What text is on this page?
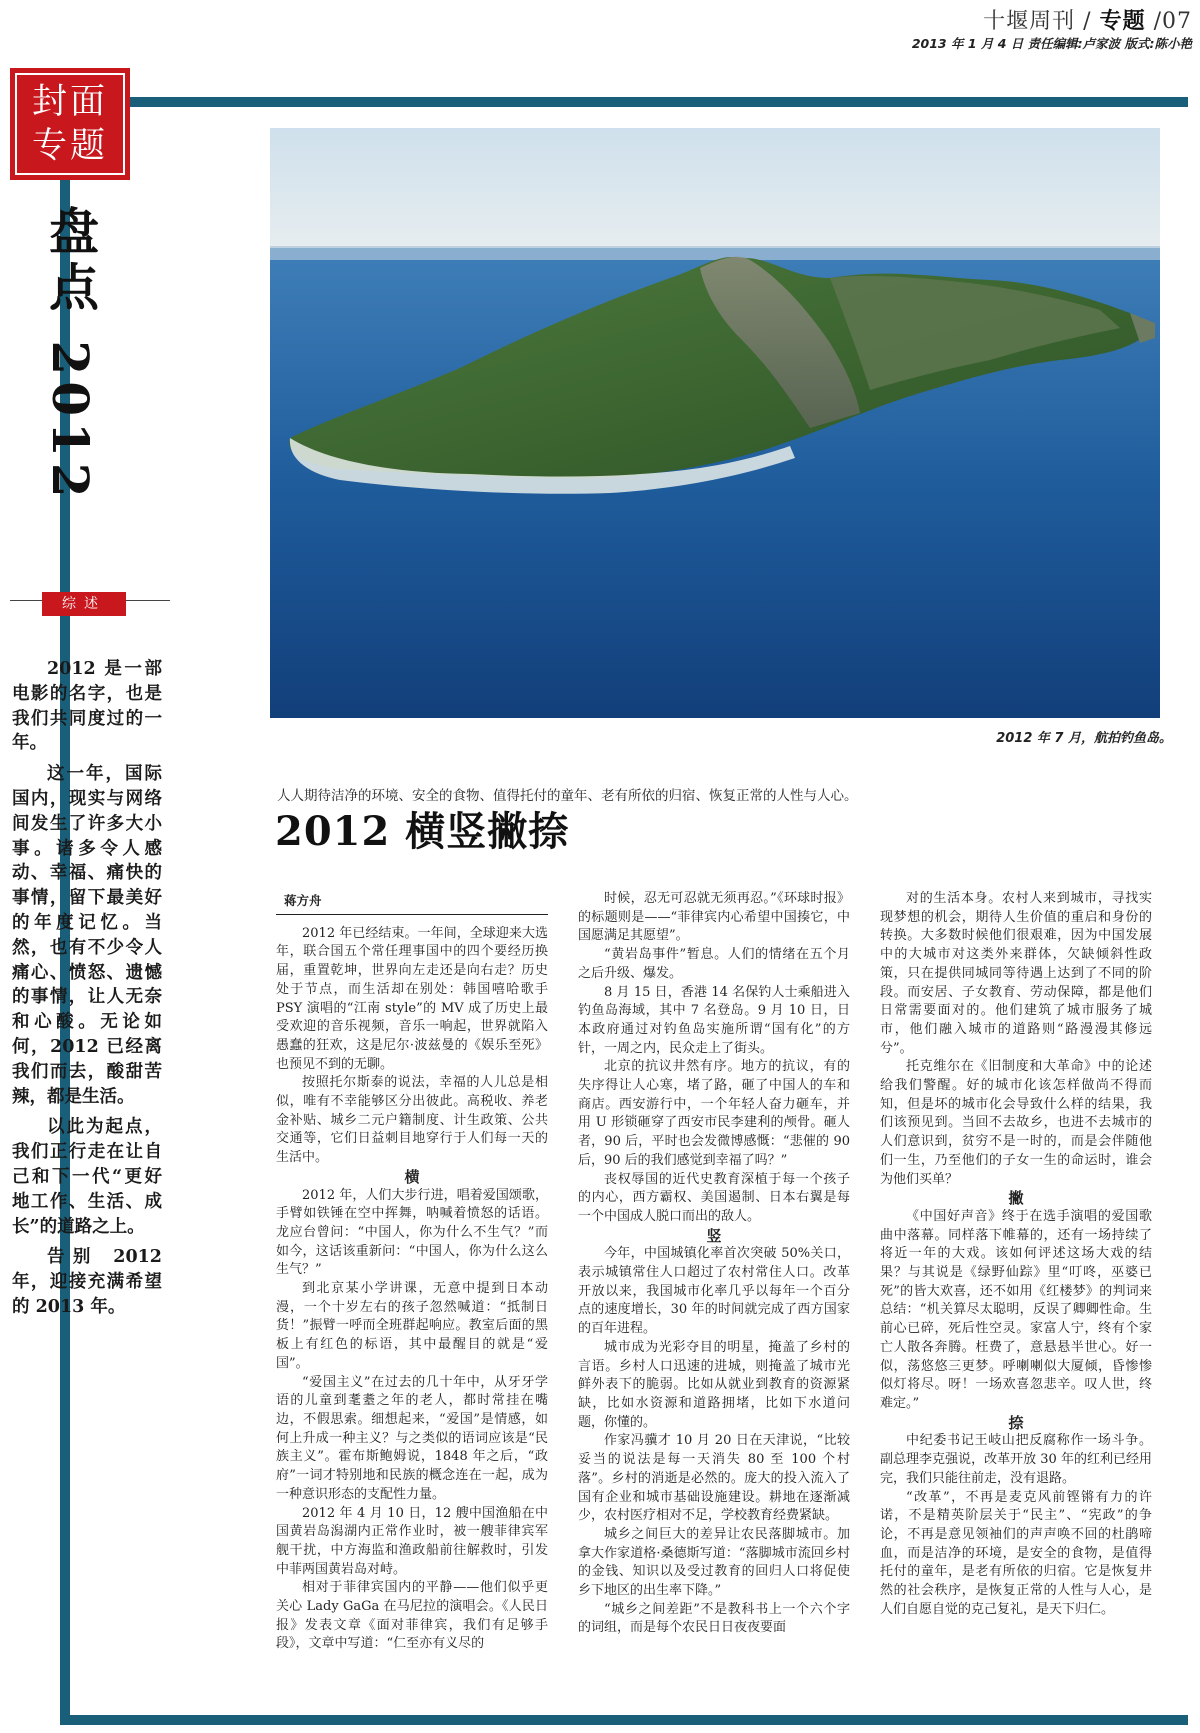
十堰周刊 / 专题 /07
2013 年 1 月 4 日 责任编辑:卢家波 版式:陈小艳
封面
专题
盘点 2012
综述

2012 是一部电影的名字，也是我们共同度过的一年。

这一年，国际国内，现实与网络间发生了许多大小事。诸多令人感动、幸福、痛快的事情，留下最美好的年度记忆。当然，也有不少令人痛心、愤怒、遗憾的事情，让人无奈和心酸。无论如何，2012 已经离我们而去，酸甜苦辣，都是生活。

以此为起点，我们正行走在让自己和下一代“更好地工作、生活、成长”的道路之上。

告别 2012 年，迎接充满希望的 2013 年。

2012 年 7 月，航拍钓鱼岛。
人人期待洁净的环境、安全的食物、值得托付的童年、老有所依的归宿、恢复正常的人性与人心。
2012 横竖撇捺
蒋方舟

2012 年已经结束。一年间，全球迎来大选年，联合国五个常任理事国中的四个要经历换届，重置乾坤，世界向左走还是向右走？历史处于节点，而生活却在别处：韩国嘻哈歌手 PSY 演唱的“江南 style”的 MV 成了历史上最受欢迎的音乐视频，音乐一响起，世界就陷入愚蠢的狂欢，这是尼尔·波兹曼的《娱乐至死》也预见不到的无聊。

按照托尔斯泰的说法，幸福的人儿总是相似，唯有不幸能够区分出彼此。高税收、养老金补贴、城乡二元户籍制度、计生政策、公共交通等，它们日益刺目地穿行于人们每一天的生活中。

横

2012 年，人们大步行进，唱着爱国颂歌，手臂如铁锤在空中挥舞，呐喊着愤怒的话语。龙应台曾问：“中国人，你为什么不生气？”而如今，这话该重新问：“中国人，你为什么这么生气？”

到北京某小学讲课，无意中提到日本动漫，一个十岁左右的孩子忽然喊道：“抵制日货！”振臂一呼而全班群起响应。教室后面的黑板上有红色的标语，其中最醒目的就是“爱国”。

“爱国主义”在过去的几十年中，从牙牙学语的儿童到耄耋之年的老人，都时常挂在嘴边，不假思索。细想起来，“爱国”是情感，如何上升成一种主义？与之类似的语词应该是“民族主义”。霍布斯鲍姆说，1848 年之后，“政府”一词才特别地和民族的概念连在一起，成为一种意识形态的支配性力量。

2012 年 4 月 10 日，12 艘中国渔船在中国黄岩岛潟湖内正常作业时，被一艘菲律宾军舰干扰，中方海监和渔政船前往解救时，引发中菲两国黄岩岛对峙。

相对于菲律宾国内的平静——他们似乎更关心 Lady GaGa 在马尼拉的演唱会。《人民日报》发表文章《面对菲律宾，我们有足够手段》，文章中写道：“仁至亦有义尽的

时候，忍无可忍就无须再忍。”《环球时报》的标题则是——“菲律宾内心希望中国揍它，中国愿满足其愿望”。

“黄岩岛事件”暂息。人们的情绪在五个月之后升级、爆发。

8 月 15 日，香港 14 名保钓人士乘船进入钓鱼岛海域，其中 7 名登岛。9 月 10 日，日本政府通过对钓鱼岛实施所谓“国有化”的方针，一周之内，民众走上了街头。

北京的抗议井然有序。地方的抗议，有的失序得让人心寒，堵了路，砸了中国人的车和商店。西安游行中，一个年轻人奋力砸车，并用 U 形锁砸穿了西安市民李建利的颅骨。砸人者，90 后，平时也会发微博感慨：“悲催的 90 后，90 后的我们感觉到幸福了吗？”

丧权辱国的近代史教育深植于每一个孩子的内心，西方霸权、美国遏制、日本右翼是每一个中国成人脱口而出的敌人。

竖

今年，中国城镇化率首次突破 50%关口，表示城镇常住人口超过了农村常住人口。改革开放以来，我国城市化率几乎以每年一个百分点的速度增长，30 年的时间就完成了西方国家的百年进程。

城市成为光彩夺目的明星，掩盖了乡村的言语。乡村人口迅速的进城，则掩盖了城市光鲜外表下的脆弱。比如从就业到教育的资源紧缺，比如水资源和道路拥堵，比如下水道问题，你懂的。

作家冯骥才 10 月 20 日在天津说，“比较妥当的说法是每一天消失 80 至 100 个村落”。乡村的消逝是必然的。庞大的投入流入了国有企业和城市基础设施建设。耕地在逐渐减少，农村医疗相对不足，学校教育经费紧缺。

城乡之间巨大的差异让农民落脚城市。加拿大作家道格·桑德斯写道：“落脚城市流回乡村的金钱、知识以及受过教育的回归人口将促使乡下地区的出生率下降。”

“城乡之间差距”不是教科书上一个六个字的词组，而是每个农民日日夜夜要面

对的生活本身。农村人来到城市，寻找实现梦想的机会，期待人生价值的重启和身份的转换。大多数时候他们很艰难，因为中国发展中的大城市对这类外来群体，欠缺倾斜性政策，只在提供同城同等待遇上达到了不同的阶段。而安居、子女教育、劳动保障，都是他们日常需要面对的。他们建筑了城市服务了城市，他们融入城市的道路则“路漫漫其修远兮”。

托克维尔在《旧制度和大革命》中的论述给我们警醒。好的城市化该怎样做尚不得而知，但是坏的城市化会导致什么样的结果，我们该预见到。当回不去故乡，也进不去城市的人们意识到，贫穷不是一时的，而是会伴随他们一生，乃至他们的子女一生的命运时，谁会为他们买单？

撇

《中国好声音》终于在选手演唱的爱国歌曲中落幕。同样落下帷幕的，还有一场持续了将近一年的大戏。该如何评述这场大戏的结果？与其说是《绿野仙踪》里“叮咚，巫婆已死”的皆大欢喜，还不如用《红楼梦》的判词来总结：“机关算尽太聪明，反误了卿卿性命。生前心已碎，死后性空灵。家富人宁，终有个家亡人散各奔腾。枉费了，意悬悬半世心。好一似，荡悠悠三更梦。呼喇喇似大厦倾，昏惨惨似灯将尽。呀！一场欢喜忽悲辛。叹人世，终难定。”

捺

中纪委书记王岐山把反腐称作一场斗争。副总理李克强说，改革开放 30 年的红利已经用完，我们只能往前走，没有退路。

“改革”，不再是麦克风前铿锵有力的许诺，不是精英阶层关于“民主”、“宪政”的争论，不再是意见领袖们的声声唤不回的杜鹃啼血，而是洁净的环境，是安全的食物，是值得托付的童年，是老有所依的归宿。它是恢复井然的社会秩序，是恢复正常的人性与人心，是人们自愿自觉的克己复礼，是天下归仁。
